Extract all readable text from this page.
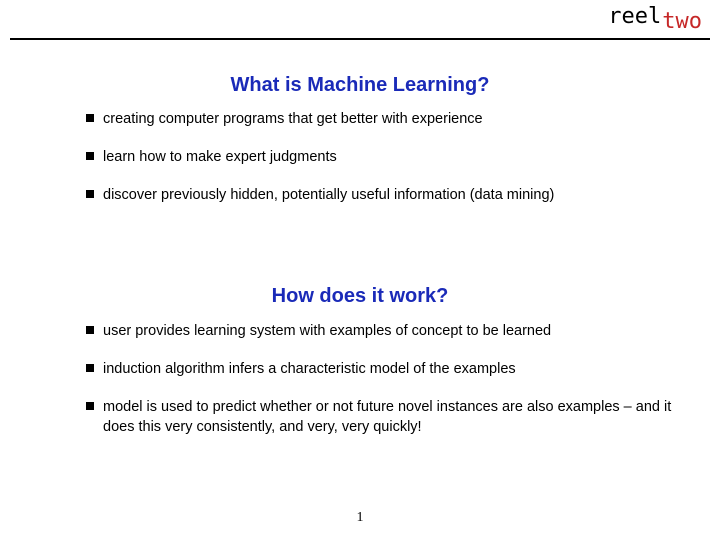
reeltwo
What is Machine Learning?
creating computer programs that get better with experience
learn how to make expert judgments
discover previously hidden, potentially useful information (data mining)
How does it work?
user provides learning system with examples of concept to be learned
induction algorithm infers a characteristic model of the examples
model is used to predict whether or not future novel instances are also examples – and it does this very consistently, and very, very quickly!
1
